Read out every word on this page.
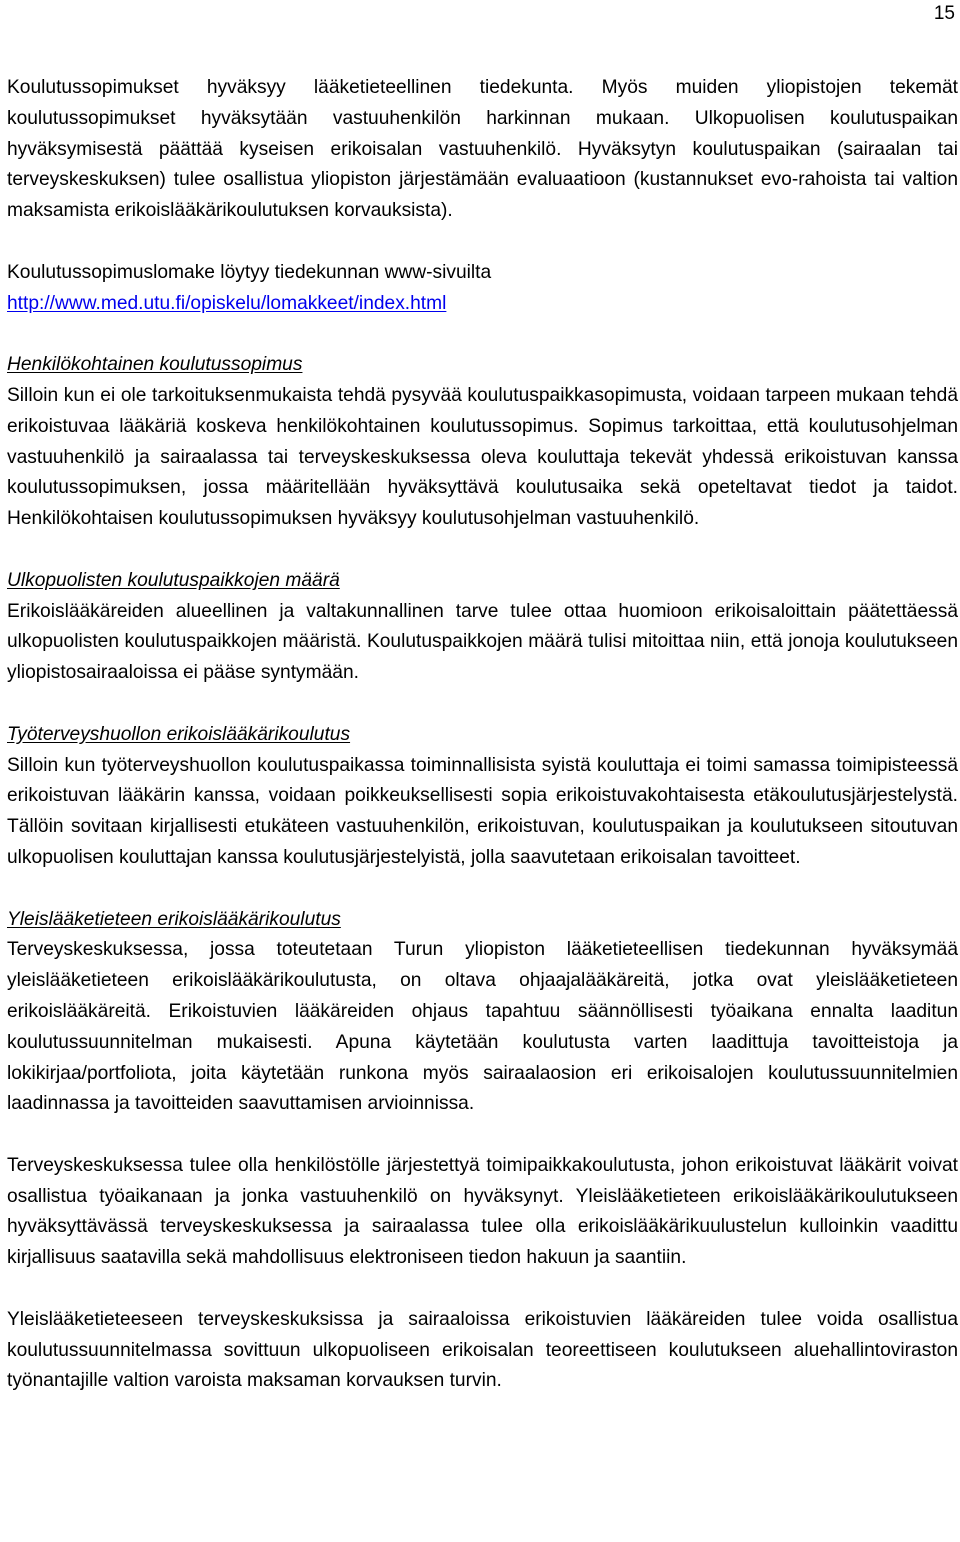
15

Koulutussopimukset hyväksyy lääketieteellinen tiedekunta. Myös muiden yliopistojen tekemät koulutussopimukset hyväksytään vastuuhenkilön harkinnan mukaan. Ulkopuolisen koulutuspaikan hyväksymisestä päättää kyseisen erikoisalan vastuuhenkilö. Hyväksytyn koulutuspaikan (sairaalan tai terveyskeskuksen) tulee osallistua yliopiston järjestämään evaluaatioon (kustannukset evo-rahoista tai valtion maksamista erikoislääkärikoulutuksen korvauksista).

Koulutussopimuslomake löytyy tiedekunnan www-sivuilta
http://www.med.utu.fi/opiskelu/lomakkeet/index.html

Henkilökohtainen koulutussopimus

Silloin kun ei ole tarkoituksenmukaista tehdä pysyvää koulutuspaikkasopimusta, voidaan tarpeen mukaan tehdä erikoistuvaa lääkäriä koskeva henkilökohtainen koulutussopimus. Sopimus tarkoittaa, että koulutusohjelman vastuuhenkilö ja sairaalassa tai terveyskeskuksessa oleva kouluttaja tekevät yhdessä erikoistuvan kanssa koulutussopimuksen, jossa määritellään hyväksyttävä koulutusaika sekä opeteltavat tiedot ja taidot. Henkilökohtaisen koulutussopimuksen hyväksyy koulutusohjelman vastuuhenkilö.

Ulkopuolisten koulutuspaikkojen määrä

Erikoislääkäreiden alueellinen ja valtakunnallinen tarve tulee ottaa huomioon erikoisaloittain päätettäessä ulkopuolisten koulutuspaikkojen määristä. Koulutuspaikkojen määrä tulisi mitoittaa niin, että jonoja koulutukseen yliopistosairaaloissa ei pääse syntymään.

Työterveyshuollon erikoislääkärikoulutus

Silloin kun työterveyshuollon koulutuspaikassa toiminnallisista syistä kouluttaja ei toimi samassa toimipisteessä erikoistuvan lääkärin kanssa, voidaan poikkeuksellisesti sopia erikoistuvakohtaisesta etäkoulutusjärjestelystä. Tällöin sovitaan kirjallisesti etukäteen vastuuhenkilön, erikoistuvan, koulutuspaikan ja koulutukseen sitoutuvan ulkopuolisen kouluttajan kanssa koulutusjärjestelyistä, jolla saavutetaan erikoisalan tavoitteet.

Yleislääketieteen erikoislääkärikoulutus

Terveyskeskuksessa, jossa toteutetaan Turun yliopiston lääketieteellisen tiedekunnan hyväksymää yleislääketieteen erikoislääkärikoulutusta, on oltava ohjaajalääkäreitä, jotka ovat yleislääketieteen erikoislääkäreitä. Erikoistuvien lääkäreiden ohjaus tapahtuu säännöllisesti työaikana ennalta laaditun koulutussuunnitelman mukaisesti. Apuna käytetään koulutusta varten laadittuja tavoitteistoja ja lokikirjaa/portfoliota, joita käytetään runkona myös sairaalaosion eri erikoisalojen koulutussuunnitelmien laadinnassa ja tavoitteiden saavuttamisen arvioinnissa.

Terveyskeskuksessa tulee olla henkilöstölle järjestettyä toimipaikkakoulutusta, johon erikoistuvat lääkärit voivat osallistua työaikanaan ja jonka vastuuhenkilö on hyväksynyt. Yleislääketieteen erikoislääkärikoulutukseen hyväksyttävässä terveyskeskuksessa ja sairaalassa tulee olla erikoislääkärikuulustelun kulloinkin vaadittu kirjallisuus saatavilla sekä mahdollisuus elektroniseen tiedon hakuun ja saantiin.

Yleislääketieteeseen terveyskeskuksissa ja sairaaloissa erikoistuvien lääkäreiden tulee voida osallistua koulutussuunnitelmassa sovittuun ulkopuoliseen erikoisalan teoreettiseen koulutukseen aluehallintoviraston työnantajille valtion varoista maksaman korvauksen turvin.
